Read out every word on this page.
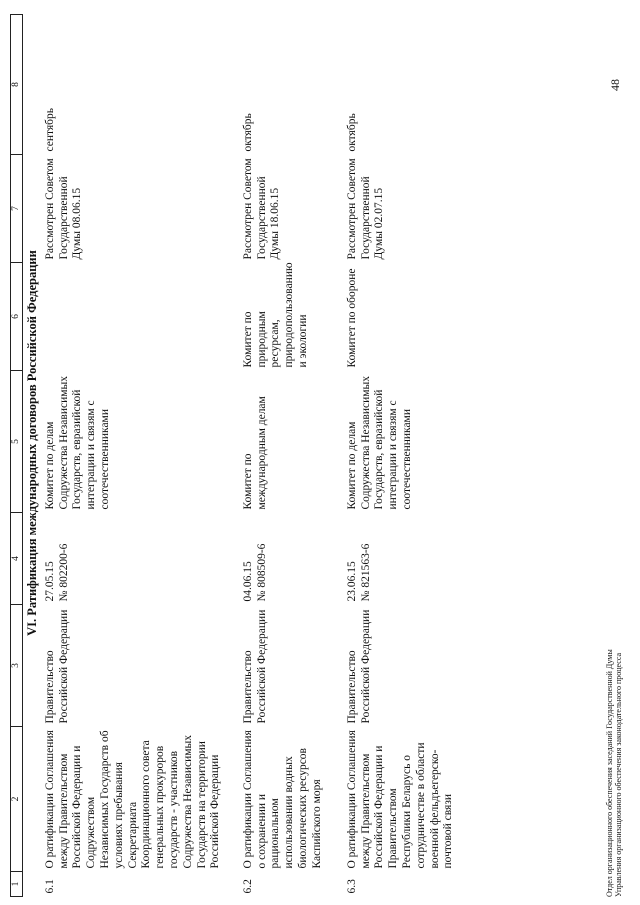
1	2	3	4	5	6	7	8
	VI. Ратификация международных договоров Российской Федерации						
6.1	О ратификации Соглашения между Правительством Российской Федерации и Содружеством Независимых Государств об условиях пребывания Секретариата Координационного совета генеральных прокуроров государств - участников Содружества Независимых Государств на территории Российской Федерации	Правительство Российской Федерации	27.05.15 № 802200-6	Комитет по делам Содружества Независимых Государств, евразийской интеграции и связям с соотечественниками		Рассмотрен Советом Государственной Думы 08.06.15	сентябрь
6.2	О ратификации Соглашения о сохранении и рациональном использовании водных биологических ресурсов Каспийского моря	Правительство Российской Федерации	04.06.15 № 808509-6	Комитет по международным делам	Комитет по природным ресурсам, природопользованию и экологии	Рассмотрен Советом Государственной Думы 18.06.15	октябрь
6.3	О ратификации Соглашения между Правительством Российской Федерации и Правительством Республики Беларусь о сотрудничестве в области военной фельдъегерско-почтовой связи	Правительство Российской Федерации	23.06.15 № 821563-6	Комитет по делам Содружества Независимых Государств, евразийской интеграции и связям с соотечественниками	Комитет по обороне	Рассмотрен Советом Государственной Думы 02.07.15	октябрь
Отдел организационного обеспечения заседаний Государственной Думы Управления организационного обеспечения законодательного процесса
48
